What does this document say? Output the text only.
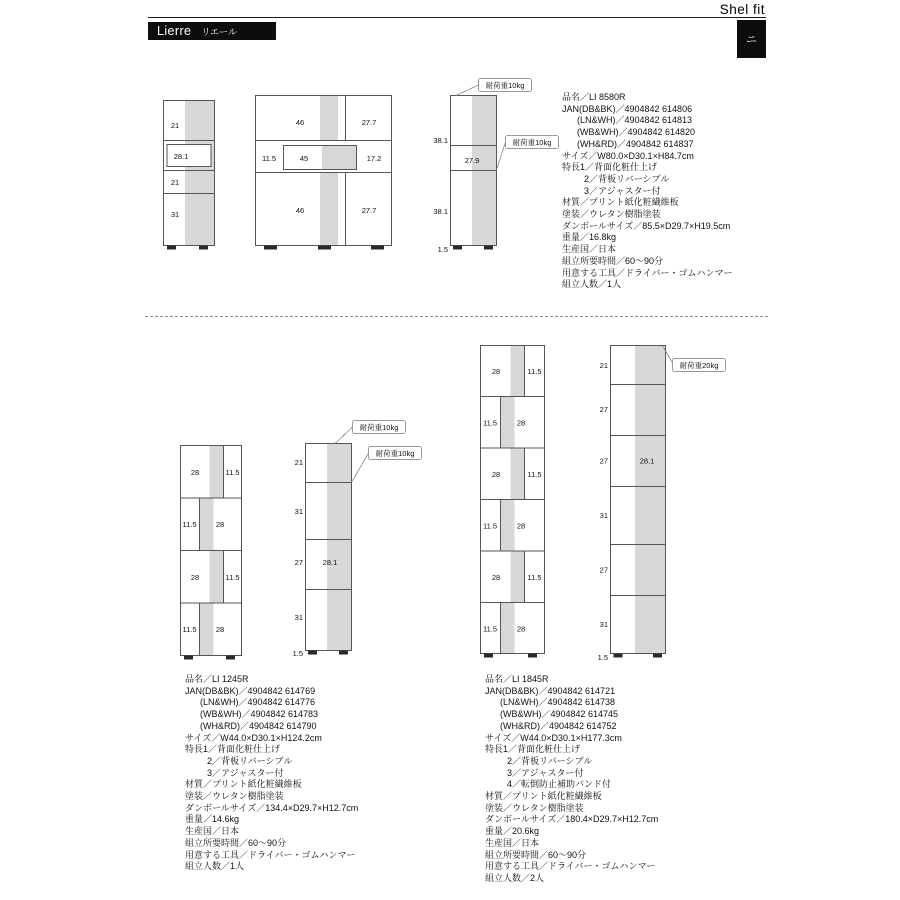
Shel fit
ニ
Lierre リエール
21
28.1
21
31
46	27.7
11.5	45	17.2
46	27.7
耐荷重10kg
耐荷重10kg
38.1
27.9
38.1
1.5
品名／LI 8580R
JAN(DB&BK)／4904842 614806
(LN&WH)／4904842 614813
(WB&WH)／4904842 614820
(WH&RD)／4904842 614837
サイズ／W80.0×D30.1×H84.7cm
特長1／背面化粧仕上げ
2／背板リバーシブル
3／アジャスター付
材質／プリント紙化粧繊維板
塗装／ウレタン樹脂塗装
ダンボールサイズ／85.5×D29.7×H19.5cm
重量／16.8kg
生産国／日本
組立所要時間／60〜90分
用意する工具／ドライバー・ゴムハンマー
組立人数／1人
28	11.5
11.5	28
28	11.5
11.5	28
耐荷重10kg
耐荷重10kg
21
31
27
31
28.1
1.5
品名／LI 1245R
JAN(DB&BK)／4904842 614769
(LN&WH)／4904842 614776
(WB&WH)／4904842 614783
(WH&RD)／4904842 614790
サイズ／W44.0×D30.1×H124.2cm
特長1／背面化粧仕上げ
2／背板リバーシブル
3／アジャスター付
材質／プリント紙化粧繊維板
塗装／ウレタン樹脂塗装
ダンボールサイズ／134.4×D29.7×H12.7cm
重量／14.6kg
生産国／日本
組立所要時間／60〜90分
用意する工具／ドライバー・ゴムハンマー
組立人数／1人
28	11.5
11.5	28
28	11.5
11.5	28
28	11.5
11.5	28
耐荷重20kg
21
27
27
31
27
31
28.1
1.5
品名／LI 1845R
JAN(DB&BK)／4904842 614721
(LN&WH)／4904842 614738
(WB&WH)／4904842 614745
(WH&RD)／4904842 614752
サイズ／W44.0×D30.1×H177.3cm
特長1／背面化粧仕上げ
2／背板リバーシブル
3／アジャスター付
4／転倒防止補助バンド付
材質／プリント紙化粧繊維板
塗装／ウレタン樹脂塗装
ダンボールサイズ／180.4×D29.7×H12.7cm
重量／20.6kg
生産国／日本
組立所要時間／60〜90分
用意する工具／ドライバー・ゴムハンマー
組立人数／2人
